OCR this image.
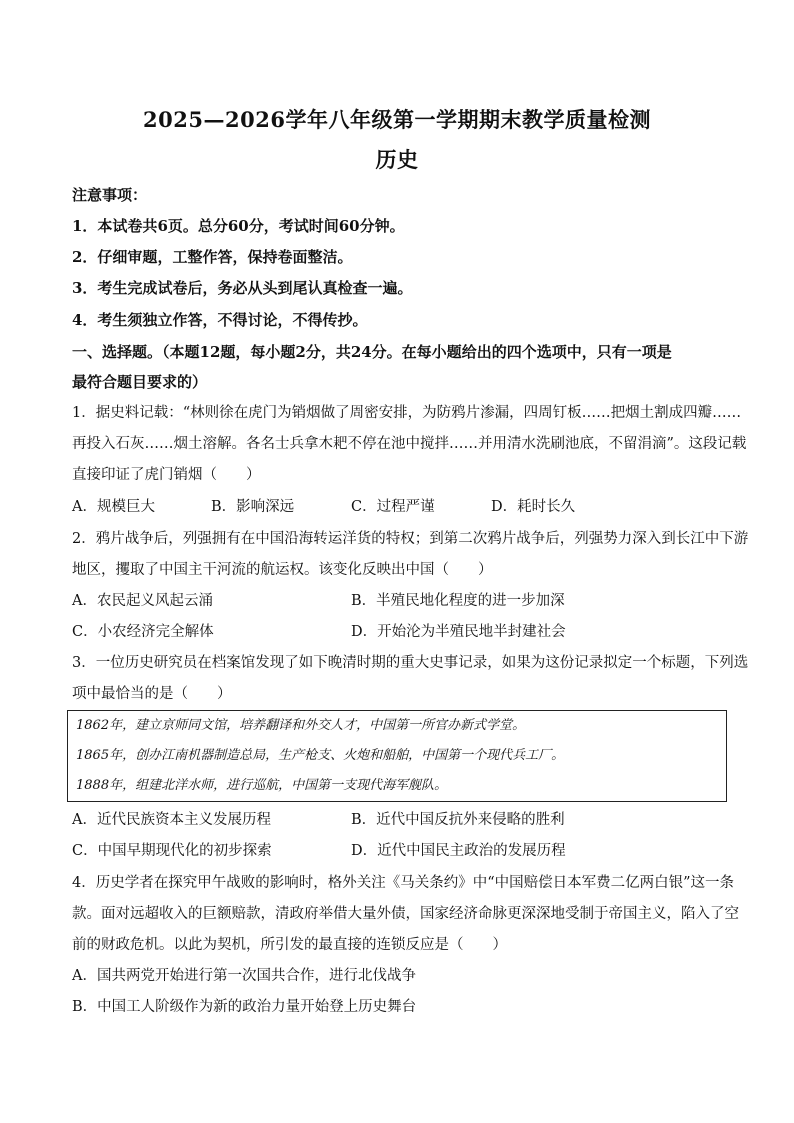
2025—2026学年八年级第一学期期末教学质量检测
历史
注意事项：
1．本试卷共6页。总分60分，考试时间60分钟。
2．仔细审题，工整作答，保持卷面整洁。
3．考生完成试卷后，务必从头到尾认真检查一遍。
4．考生须独立作答，不得讨论，不得传抄。
一、选择题。（本题12题，每小题2分，共24分。在每小题给出的四个选项中，只有一项是
最符合题目要求的）
1．据史料记载：“林则徐在虎门为销烟做了周密安排，为防鸦片渗漏，四周钉板……把烟土割成四瓣……
再投入石灰……烟土溶解。各名士兵拿木耙不停在池中搅拌……并用清水洗刷池底，不留涓滴”。这段记载
直接印证了虎门销烟（　　）
A．规模巨大	B．影响深远	C．过程严谨	D．耗时长久
2．鸦片战争后，列强拥有在中国沿海转运洋货的特权；到第二次鸦片战争后，列强势力深入到长江中下游
地区，攫取了中国主干河流的航运权。该变化反映出中国（　　）
A．农民起义风起云涌	B．半殖民地化程度的进一步加深
C．小农经济完全解体	D．开始沦为半殖民地半封建社会
3．一位历史研究员在档案馆发现了如下晚清时期的重大史事记录，如果为这份记录拟定一个标题，下列选
项中最恰当的是（　　）
1862年，建立京师同文馆，培养翻译和外交人才，中国第一所官办新式学堂。
1865年，创办江南机器制造总局，生产枪支、火炮和船舶，中国第一个现代兵工厂。
1888年，组建北洋水师，进行巡航，中国第一支现代海军舰队。
A．近代民族资本主义发展历程	B．近代中国反抗外来侵略的胜利
C．中国早期现代化的初步探索	D．近代中国民主政治的发展历程
4．历史学者在探究甲午战败的影响时，格外关注《马关条约》中“中国赔偿日本军费二亿两白银”这一条
款。面对远超收入的巨额赔款，清政府举借大量外债，国家经济命脉更深深地受制于帝国主义，陷入了空
前的财政危机。以此为契机，所引发的最直接的连锁反应是（　　）
A．国共两党开始进行第一次国共合作，进行北伐战争
B．中国工人阶级作为新的政治力量开始登上历史舞台
